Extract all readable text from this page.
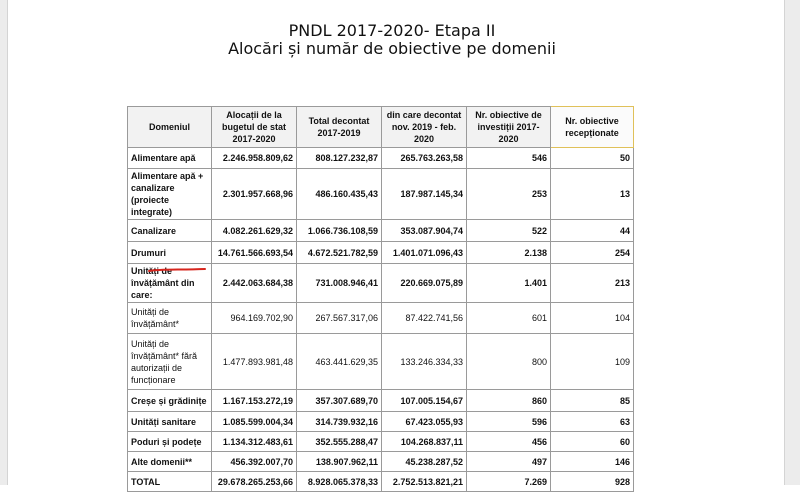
PNDL 2017-2020- Etapa II
Alocări și număr de obiective pe domenii
Domeniul	Alocații de la bugetul de stat 2017-2020	Total decontat 2017-2019	din care decontat nov. 2019 - feb. 2020	Nr. obiective de investiții 2017-2020	Nr. obiective recepționate
Alimentare apă	2.246.958.809,62	808.127.232,87	265.763.263,58	546	50
Alimentare apă + canalizare (proiecte integrate)	2.301.957.668,96	486.160.435,43	187.987.145,34	253	13
Canalizare	4.082.261.629,32	1.066.736.108,59	353.087.904,74	522	44
Drumuri	14.761.566.693,54	4.672.521.782,59	1.401.071.096,43	2.138	254
Unități de învățământ din care:	2.442.063.684,38	731.008.946,41	220.669.075,89	1.401	213
Unități de învățământ*	964.169.702,90	267.567.317,06	87.422.741,56	601	104
Unități de învățământ* fără autorizații de funcționare	1.477.893.981,48	463.441.629,35	133.246.334,33	800	109
Creșe și grădinițe	1.167.153.272,19	357.307.689,70	107.005.154,67	860	85
Unități sanitare	1.085.599.004,34	314.739.932,16	67.423.055,93	596	63
Poduri și podețe	1.134.312.483,61	352.555.288,47	104.268.837,11	456	60
Alte domenii**	456.392.007,70	138.907.962,11	45.238.287,52	497	146
TOTAL	29.678.265.253,66	8.928.065.378,33	2.752.513.821,21	7.269	928
